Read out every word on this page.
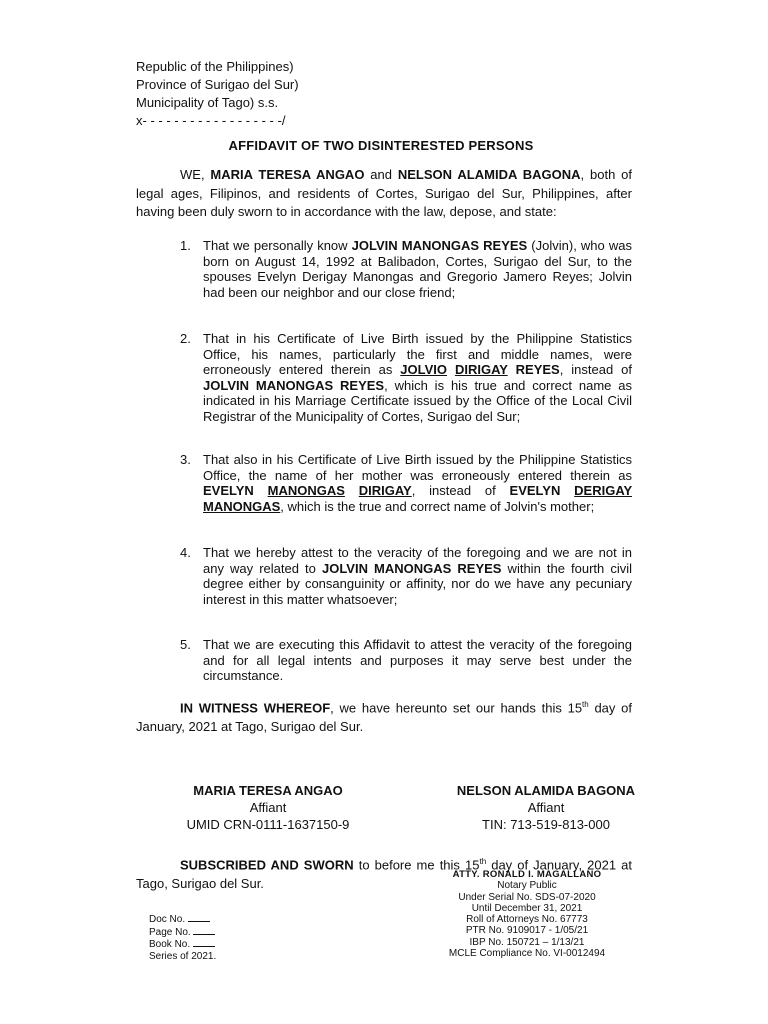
Republic of the Philippines)
Province of Surigao del Sur)
Municipality of Tago) s.s.
x- - - - - - - - - - - - - - - - - -/
AFFIDAVIT OF TWO DISINTERESTED PERSONS
WE, MARIA TERESA ANGAO and NELSON ALAMIDA BAGONA, both of legal ages, Filipinos, and residents of Cortes, Surigao del Sur, Philippines, after having been duly sworn to in accordance with the law, depose, and state:
1. That we personally know JOLVIN MANONGAS REYES (Jolvin), who was born on August 14, 1992 at Balibadon, Cortes, Surigao del Sur, to the spouses Evelyn Derigay Manongas and Gregorio Jamero Reyes; Jolvin had been our neighbor and our close friend;
2. That in his Certificate of Live Birth issued by the Philippine Statistics Office, his names, particularly the first and middle names, were erroneously entered therein as JOLVIO DIRIGAY REYES, instead of JOLVIN MANONGAS REYES, which is his true and correct name as indicated in his Marriage Certificate issued by the Office of the Local Civil Registrar of the Municipality of Cortes, Surigao del Sur;
3. That also in his Certificate of Live Birth issued by the Philippine Statistics Office, the name of her mother was erroneously entered therein as EVELYN MANONGAS DIRIGAY, instead of EVELYN DERIGAY MANONGAS, which is the true and correct name of Jolvin's mother;
4. That we hereby attest to the veracity of the foregoing and we are not in any way related to JOLVIN MANONGAS REYES within the fourth civil degree either by consanguinity or affinity, nor do we have any pecuniary interest in this matter whatsoever;
5. That we are executing this Affidavit to attest the veracity of the foregoing and for all legal intents and purposes it may serve best under the circumstance.
IN WITNESS WHEREOF, we have hereunto set our hands this 15th day of January, 2021 at Tago, Surigao del Sur.
MARIA TERESA ANGAO
Affiant
UMID CRN-0111-1637150-9
NELSON ALAMIDA BAGONA
Affiant
TIN: 713-519-813-000
SUBSCRIBED AND SWORN to before me this 15th day of January, 2021 at Tago, Surigao del Sur.
Doc No.
Page No.
Book No.
Series of 2021.
ATTY. RONALD I. MAGALLANO
Notary Public
Under Serial No. SDS-07-2020
Until December 31, 2021
Roll of Attorneys No. 67773
PTR No. 9109017 - 1/05/21
IBP No. 150721 – 1/13/21
MCLE Compliance No. VI-0012494
